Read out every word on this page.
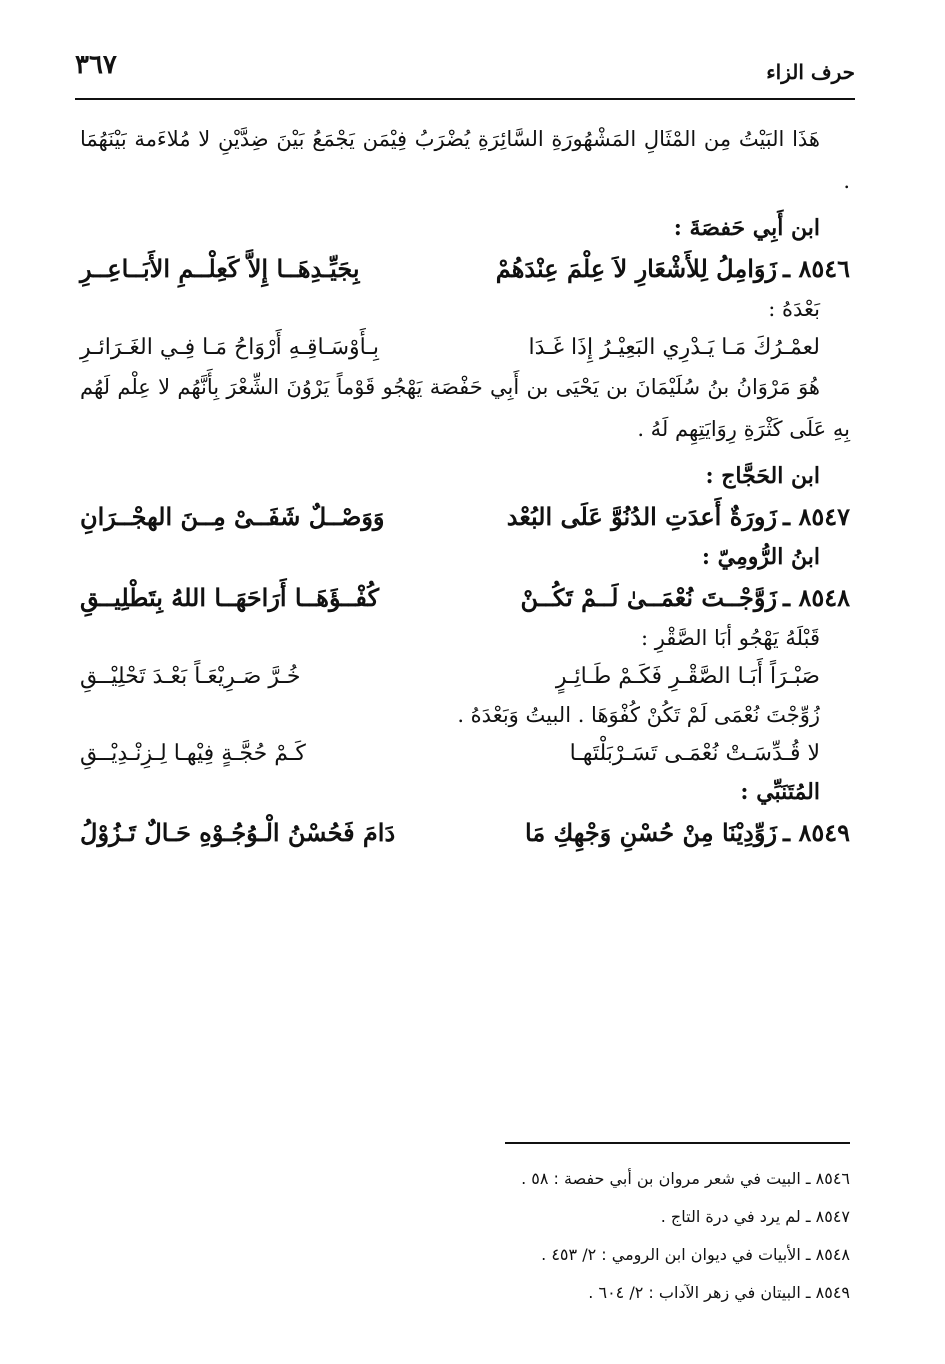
حرف الزاء
٣٦٧

هَذَا البَيْتُ مِن المْثَالِ المَشْهُورَةِ السَّائِرَةِ يُضْرَبُ فِيْمَن يَجْمَعُ بَيْنَ ضِدَّيْنِ لا مُلاءَمة بَيْنَهُمَا .

ابن أَبِي حَفصَةَ :
٨٥٤٦ ـ
زَوَامِلُ لِلأَشْعَارِ لاَ عِلْمَ عِنْدَهُمْ
بِجَيِّـدِهَــا إِلاَّ كَعِلْــمِ الأَبَــاعِــرِ
بَعْدَهُ :
لعمْـرُكَ مَـا يَـدْرِي البَعِيْـرُ إِذَا غَـدَا
بِـأَوْسَـاقِـهِ أَرْوَاحُ مَـا فِـي الغَـرَائـرِ

هُوَ مَرْوَانُ بنُ سُلَيْمَانَ بن يَحْيَى بن أَبِي حَفْصَة يَهْجُو قَوْماً يَرْوُنَ الشِّعْرَ بِأَنَّهُم لا عِلْم لَهُم بِهِ عَلَى كَثْرَةِ رِوَايَتِهِم لَهُ .

ابن الحَجَّاج :
٨٥٤٧ ـ
زَورَةٌ أَعدَتِ الدُنُوَّ عَلَى البُعْد
وَوَصْــلٌ شَفَــىْ مِــنَ الهجْــرَانِ
ابنُ الرُّومِيّ :
٨٥٤٨ ـ
زَوَّجْــتَ نُعْمَــىٰ لَــمْ تَكُــنْ
كُفْــؤَهَــا أَرَاحَهَــا اللهُ بِتَطْلِيــقِ
قَبْلَهُ يَهْجُو أبَا الصَّقْرِ :
صَبْـرَاً أَبَـا الصَّقْـرِ فَكَـمْ طَـائِـرٍ
خُـرَّ صَـرِيْعَـاً بَعْـدَ تَحْلِيْــقِ
زُوِّجْتَ نُعْمَى لَمْ تَكُنْ كُفْوَهَا . البيتُ وَبَعْدَهُ .
لا قُـدِّسَـتْ نُعْمَـى تَسَـرْبَلْتَهـا
كَـمْ حُجَّـةٍ فِيْهـا لِـزِنْـدِيْــقِ
المُتَنَبِّي :
٨٥٤٩ ـ
زَوِّدِيْنَا مِنْ حُسْنِ وَجْهِكِ مَا
دَامَ فَحُسْنُ الْـوُجُـوْهِ حَـالٌ تَـزُوْلُ
٨٥٤٦ ـ البيت في شعر مروان بن أبي حفصة : ٥٨ .
٨٥٤٧ ـ لم يرد في درة التاج .
٨٥٤٨ ـ الأبيات في ديوان ابن الرومي : ٢/ ٤٥٣ .
٨٥٤٩ ـ البيتان في زهر الآداب : ٢/ ٦٠٤ .
